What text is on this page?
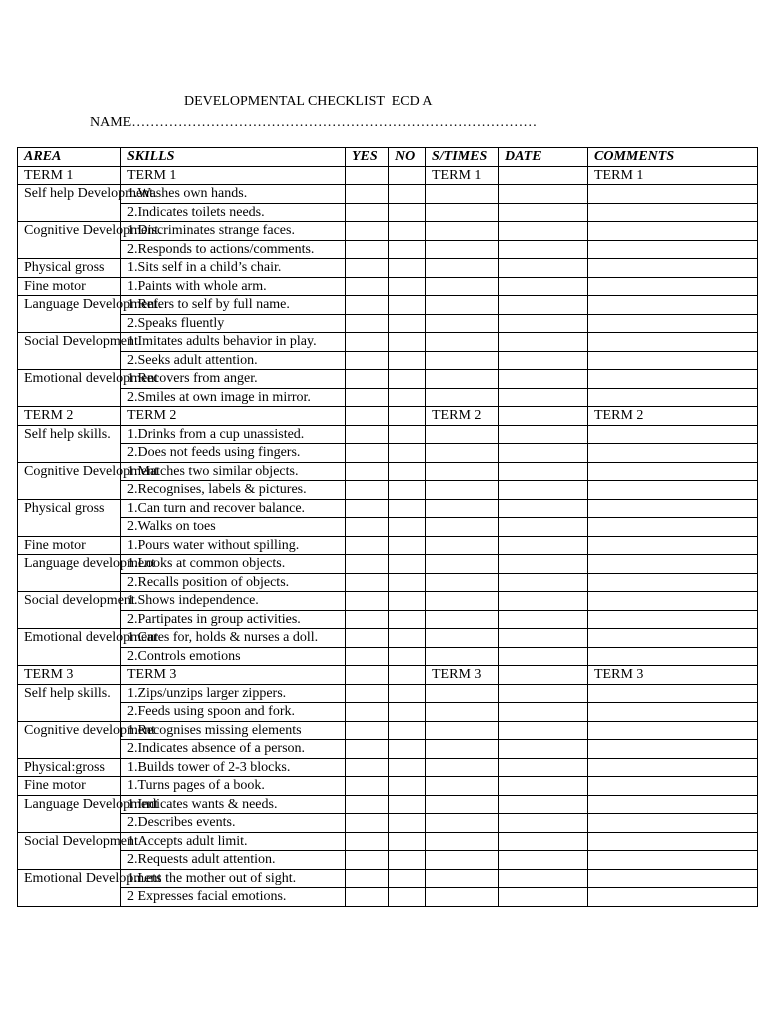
DEVELOPMENTAL CHECKLIST  ECD A
NAME……………………………………………………………………………
AREA	SKILLS	YES	NO	S/TIMES	DATE	COMMENTS
TERM 1	TERM 1			TERM 1		TERM 1
Self help Development.	1.Washes own hands.					
	2.Indicates toilets needs.					
Cognitive Development.	1.Discriminates strange faces.					
	2.Responds to actions/comments.					
Physical gross	1.Sits self in a child’s chair.					
Fine motor	1.Paints with whole arm.					
Language Development.	1.Refers to self by full name.					
	2.Speaks fluently					
Social Development.	1.Imitates adults behavior in play.					
	2.Seeks adult attention.					
Emotional development	1.Recovers from anger.					
	2.Smiles at own image in mirror.					
TERM 2	TERM 2			TERM 2		TERM 2
Self help skills.	1.Drinks from a cup unassisted.					
	2.Does not feeds using fingers.					
Cognitive Development	1.Matches two similar objects.					
	2.Recognises, labels & pictures.					
Physical gross	1.Can turn and recover balance.					
	2.Walks on toes					
Fine motor	1.Pours water without spilling.					
Language development	1.Looks at common objects.					
	2.Recalls position of objects.					
Social development	1.Shows independence.					
	2.Partipates in group activities.					
Emotional development	1.Cares for, holds & nurses a doll.					
	2.Controls emotions					
TERM 3	TERM 3			TERM 3		TERM 3
Self help skills.	1.Zips/unzips larger zippers.					
	2.Feeds using spoon and fork.					
Cognitive development	1.Recognises missing elements					
	2.Indicates absence of a person.					
Physical:gross	1.Builds tower of 2-3 blocks.					
Fine motor	1.Turns pages of a book.					
Language Development	1.Indicates wants & needs.					
	2.Describes events.					
Social Development	1.Accepts adult limit.					
	2.Requests adult attention.					
Emotional Development	1.Lets the mother out of sight.					
	2 Expresses facial emotions.					
